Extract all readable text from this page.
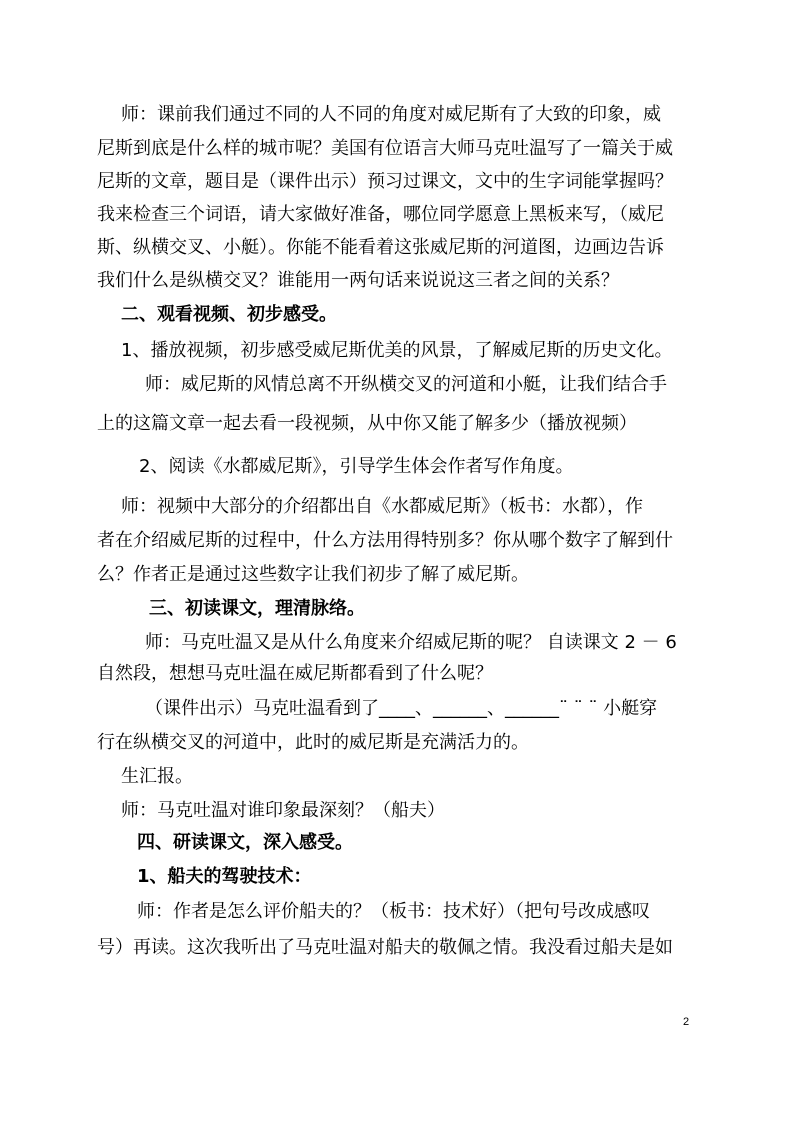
师：课前我们通过不同的人不同的角度对威尼斯有了大致的印象，威
尼斯到底是什么样的城市呢？美国有位语言大师马克吐温写了一篇关于威
尼斯的文章，题目是（课件出示）预习过课文，文中的生字词能掌握吗？
我来检查三个词语，请大家做好准备，哪位同学愿意上黑板来写，（威尼
斯、纵横交叉、小艇）。你能不能看着这张威尼斯的河道图，边画边告诉
我们什么是纵横交叉？谁能用一两句话来说说这三者之间的关系？
二、观看视频、初步感受。
1、播放视频，初步感受威尼斯优美的风景，了解威尼斯的历史文化。
师：威尼斯的风情总离不开纵横交叉的河道和小艇，让我们结合手
上的这篇文章一起去看一段视频，从中你又能了解多少（播放视频）
2、阅读《水都威尼斯》，引导学生体会作者写作角度。
师：视频中大部分的介绍都出自《水都威尼斯》（板书：水都），作
者在介绍威尼斯的过程中，什么方法用得特别多？你从哪个数字了解到什
么？作者正是通过这些数字让我们初步了解了威尼斯。
三、初读课文，理清脉络。
师：马克吐温又是从什么角度来介绍威尼斯的呢？ 自读课文 2 － 6
自然段，想想马克吐温在威尼斯都看到了什么呢？
（课件出示）马克吐温看到了____、______、______¨ ¨ ¨ 小艇穿
行在纵横交叉的河道中，此时的威尼斯是充满活力的。
生汇报。
师：马克吐温对谁印象最深刻？（船夫）
四、研读课文，深入感受。
1、船夫的驾驶技术：
师：作者是怎么评价船夫的？（板书：技术好）（把句号改成感叹
号）再读。这次我听出了马克吐温对船夫的敬佩之情。我没看过船夫是如
2
